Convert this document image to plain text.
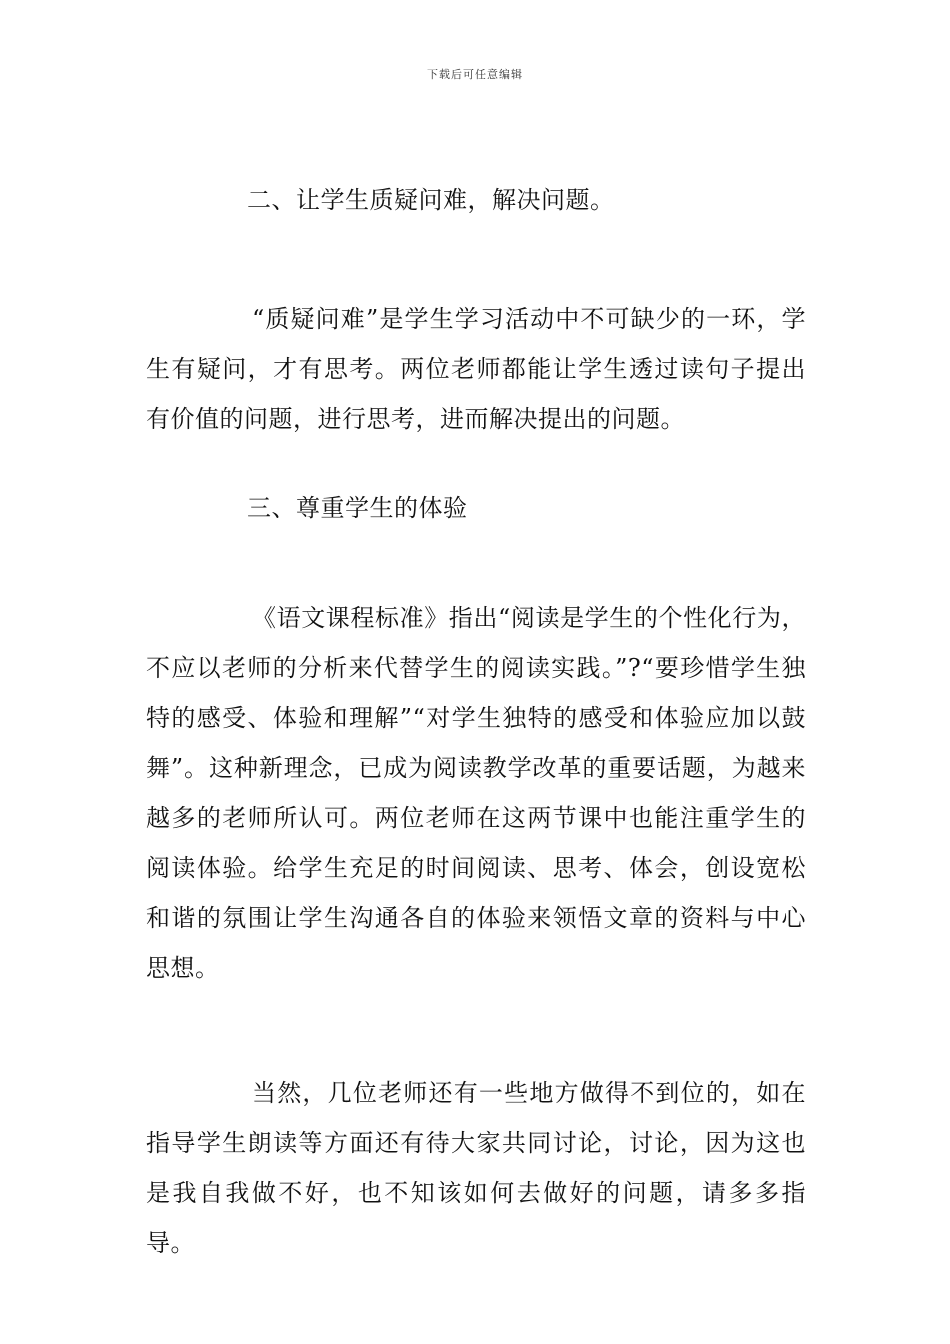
下载后可任意编辑

二、让学生质疑问难，解决问题。

“质疑问难”是学生学习活动中不可缺少的一环，学生有疑问，才有思考。两位老师都能让学生透过读句子提出有价值的问题，进行思考，进而解决提出的问题。

三、尊重学生的体验

《语文课程标准》指出“阅读是学生的个性化行为，不应以老师的分析来代替学生的阅读实践。”?“要珍惜学生独特的感受、体验和理解”“对学生独特的感受和体验应加以鼓舞”。这种新理念，已成为阅读教学改革的重要话题，为越来越多的老师所认可。两位老师在这两节课中也能注重学生的阅读体验。给学生充足的时间阅读、思考、体会，创设宽松和谐的氛围让学生沟通各自的体验来领悟文章的资料与中心思想。

当然，几位老师还有一些地方做得不到位的，如在指导学生朗读等方面还有待大家共同讨论，讨论，因为这也是我自我做不好，也不知该如何去做好的问题，请多多指导。
